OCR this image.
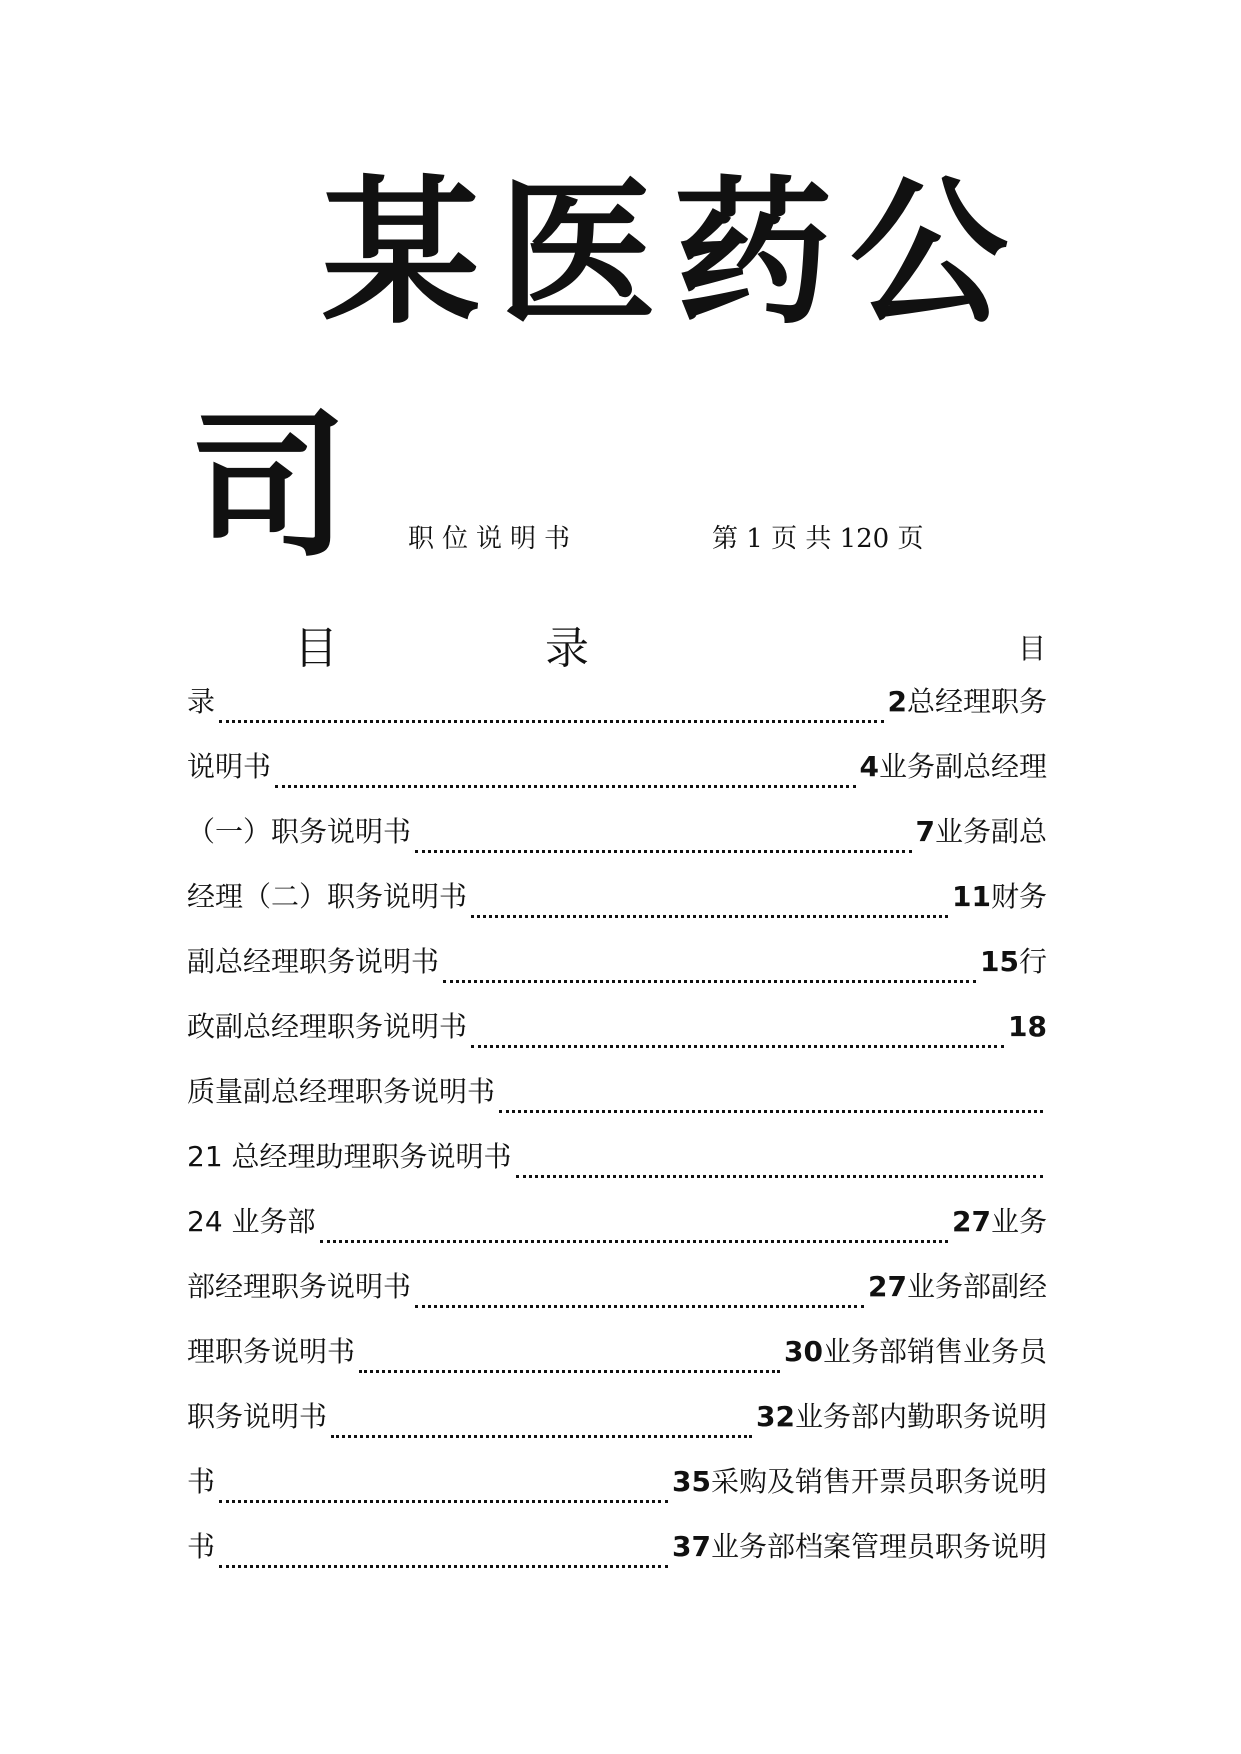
某医药公
司 职位说明书	第 1 页 共 120 页
目	录	目
录	2 总经理职务
说明书	4 业务副总经理
（一）职务说明书	7 业务副总
经理（二）职务说明书	11 财务
副总经理职务说明书	15 行
政副总经理职务说明书	18
质量副总经理职务说明书
21 总经理助理职务说明书
24 业务部	27 业务
部经理职务说明书	27 业务部副经
理职务说明书	30 业务部销售业务员
职务说明书	32 业务部内勤职务说明
书	35 采购及销售开票员职务说明
书	37 业务部档案管理员职务说明
